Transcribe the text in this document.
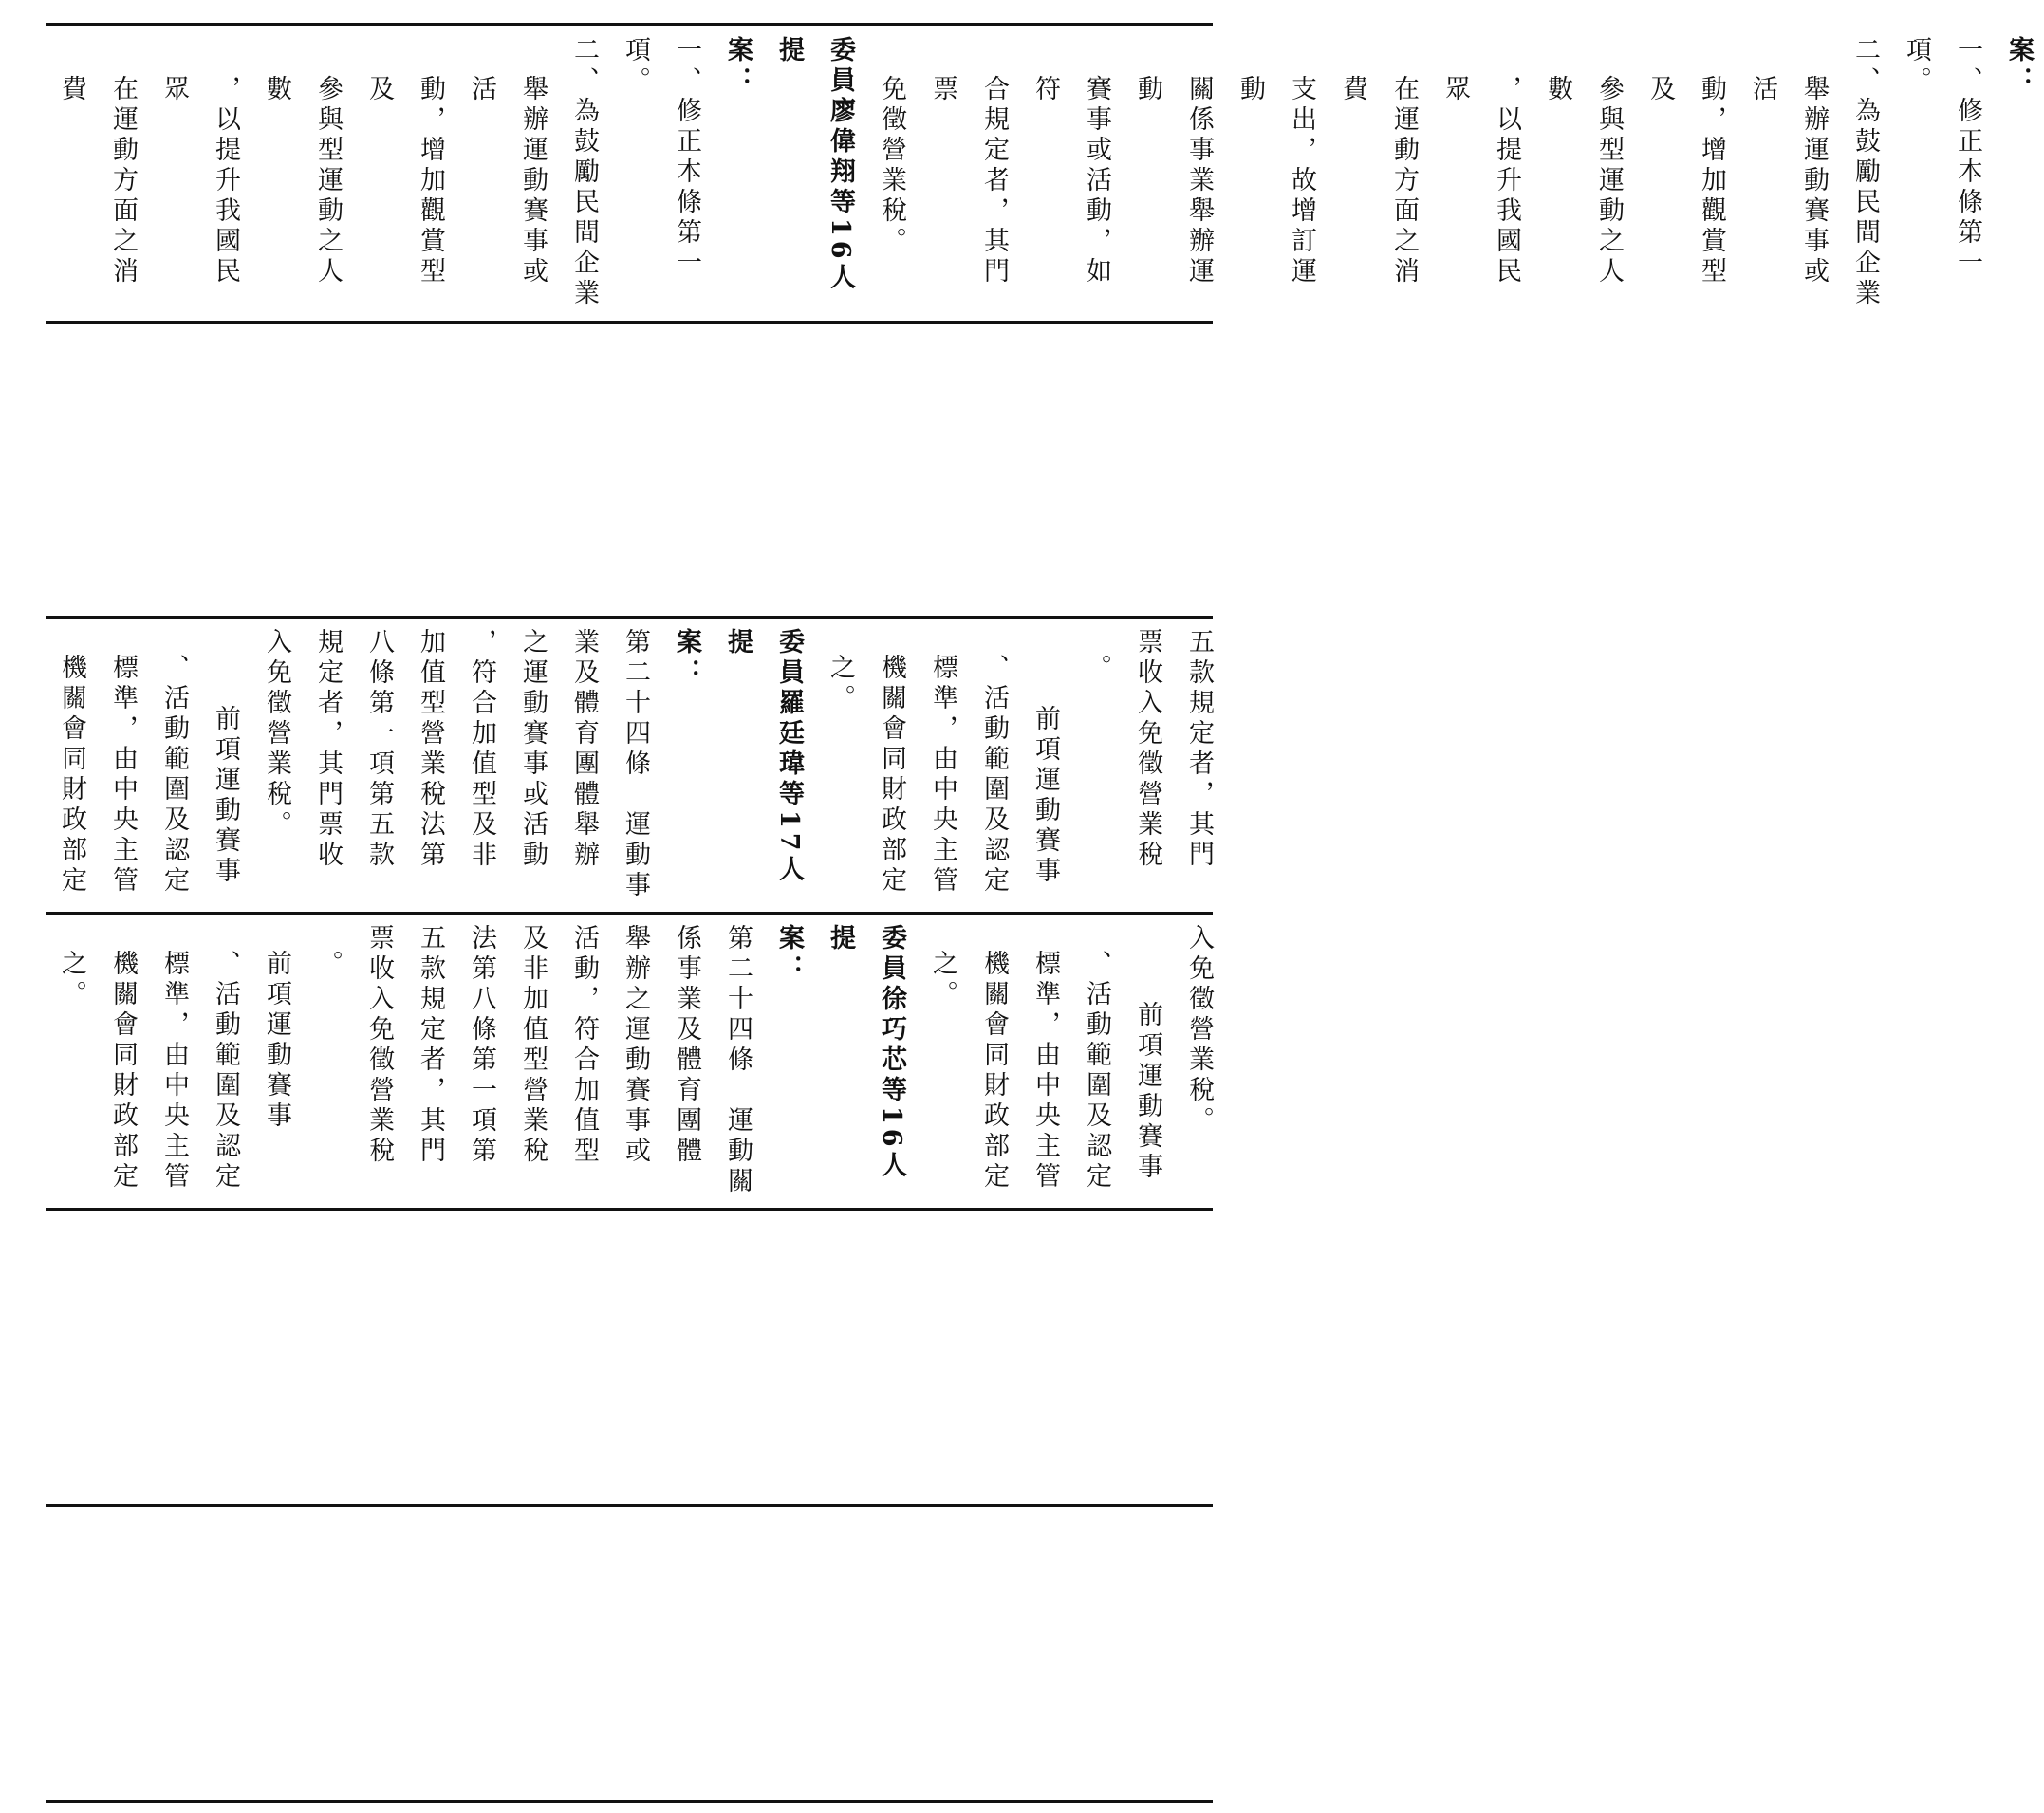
案：

一、修正本條第一項。

二、為鼓勵民間企業

舉辦運動賽事或活

動，增加觀賞型及

參與型運動之人數

，以提升我國民眾

在運動方面之消費

支出，故增訂運動

關係事業舉辦運動

賽事或活動，如符

合規定者，其門票

免徵營業稅。

委員廖偉翔等16人提

案：

一、修正本條第一項。

二、為鼓勵民間企業

舉辦運動賽事或活

動，增加觀賞型及

參與型運動之人數

，以提升我國民眾

在運動方面之消費

五款規定者，其門

票收入免徵營業稅

。

前項運動賽事

、活動範圍及認定

標準，由中央主管

機關會同財政部定

之。

委員羅廷瑋等17人提

案：

第二十四條　運動事

業及體育團體舉辦

之運動賽事或活動

，符合加值型及非

加值型營業稅法第

八條第一項第五款

規定者，其門票收

入免徵營業稅。

前項運動賽事

、活動範圍及認定

標準，由中央主管

機關會同財政部定

入免徵營業稅。

前項運動賽事

、活動範圍及認定

標準，由中央主管

機關會同財政部定

之。

委員徐巧芯等16人提

案：

第二十四條　運動關

係事業及體育團體

舉辦之運動賽事或

活動，符合加值型

及非加值型營業稅

法第八條第一項第

五款規定者，其門

票收入免徵營業稅

。

前項運動賽事

、活動範圍及認定

標準，由中央主管

機關會同財政部定

之。
